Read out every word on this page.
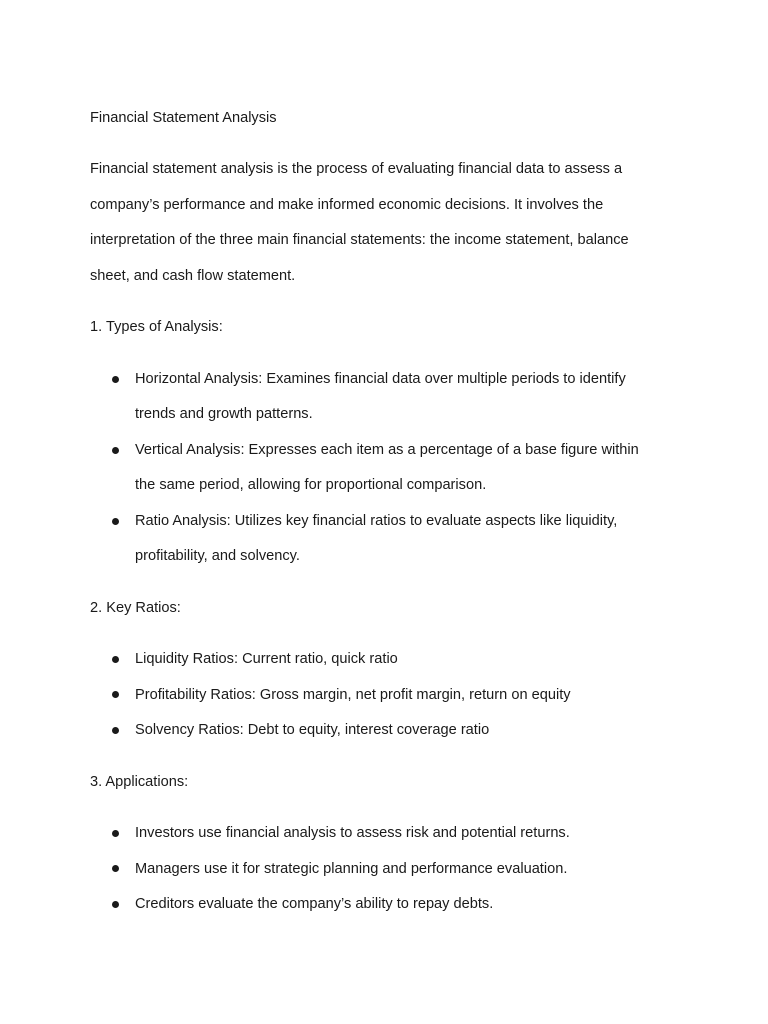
Financial Statement Analysis
Financial statement analysis is the process of evaluating financial data to assess a
company’s performance and make informed economic decisions. It involves the
interpretation of the three main financial statements: the income statement, balance
sheet, and cash flow statement.
1. Types of Analysis:
Horizontal Analysis: Examines financial data over multiple periods to identify
trends and growth patterns.
Vertical Analysis: Expresses each item as a percentage of a base figure within
the same period, allowing for proportional comparison.
Ratio Analysis: Utilizes key financial ratios to evaluate aspects like liquidity,
profitability, and solvency.
2. Key Ratios:
Liquidity Ratios: Current ratio, quick ratio
Profitability Ratios: Gross margin, net profit margin, return on equity
Solvency Ratios: Debt to equity, interest coverage ratio
3. Applications:
Investors use financial analysis to assess risk and potential returns.
Managers use it for strategic planning and performance evaluation.
Creditors evaluate the company’s ability to repay debts.
